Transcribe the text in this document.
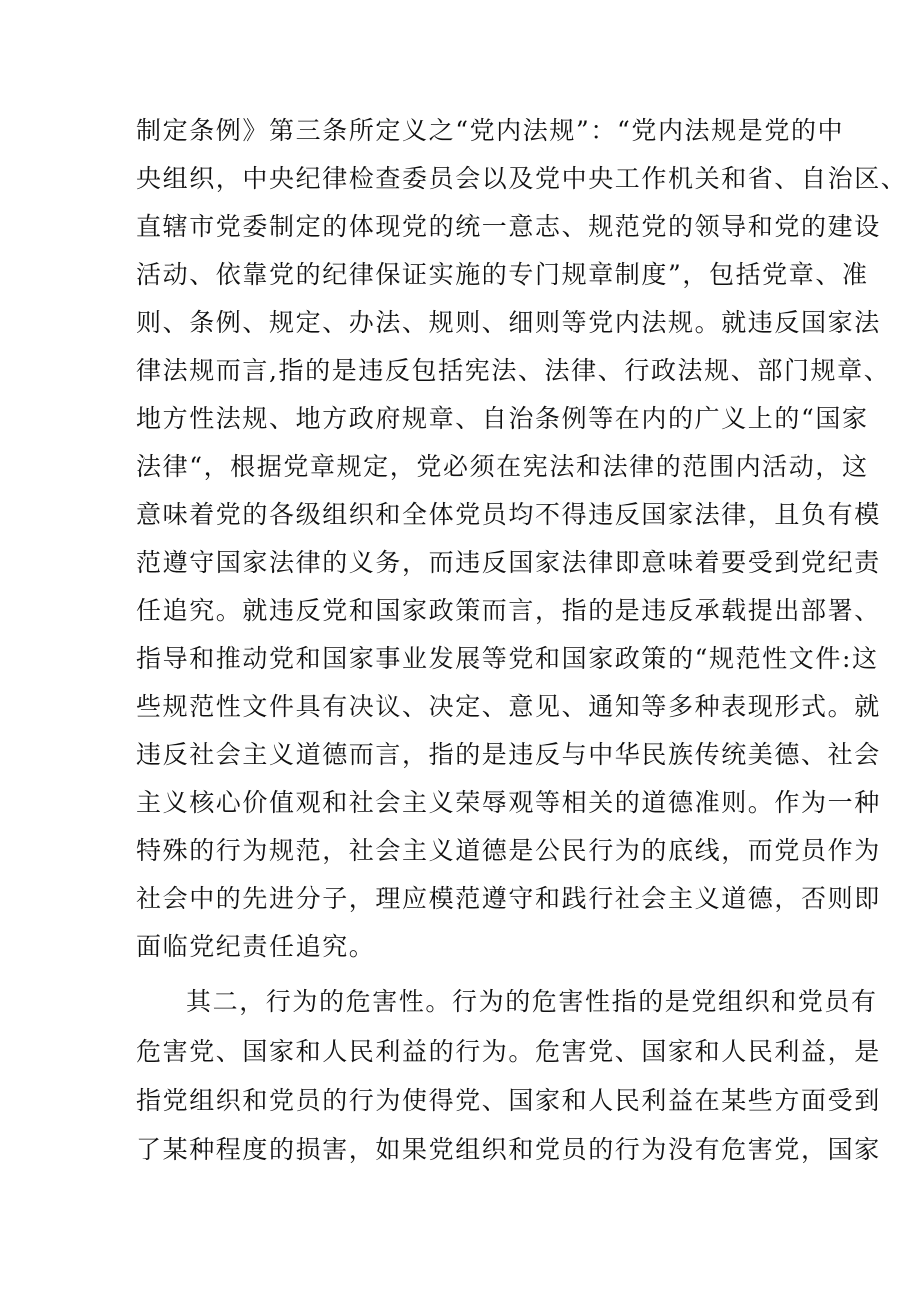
制定条例》第三条所定义之“党内法规”：“党内法规是党的中
央组织，中央纪律检查委员会以及党中央工作机关和省、自治区、
直辖市党委制定的体现党的统一意志、规范党的领导和党的建设
活动、依靠党的纪律保证实施的专门规章制度”，包括党章、准
则、条例、规定、办法、规则、细则等党内法规。就违反国家法
律法规而言,指的是违反包括宪法、法律、行政法规、部门规章、
地方性法规、地方政府规章、自治条例等在内的广义上的“国家
法律“，根据党章规定，党必须在宪法和法律的范围内活动，这
意味着党的各级组织和全体党员均不得违反国家法律，且负有模
范遵守国家法律的义务，而违反国家法律即意味着要受到党纪责
任追究。就违反党和国家政策而言，指的是违反承载提出部署、
指导和推动党和国家事业发展等党和国家政策的“规范性文件:这
些规范性文件具有决议、决定、意见、通知等多种表现形式。就
违反社会主义道德而言，指的是违反与中华民族传统美德、社会
主义核心价值观和社会主义荣辱观等相关的道德准则。作为一种
特殊的行为规范，社会主义道德是公民行为的底线，而党员作为
社会中的先进分子，理应模范遵守和践行社会主义道德，否则即
面临党纪责任追究。
其二，行为的危害性。行为的危害性指的是党组织和党员有
危害党、国家和人民利益的行为。危害党、国家和人民利益，是
指党组织和党员的行为使得党、国家和人民利益在某些方面受到
了某种程度的损害，如果党组织和党员的行为没有危害党，国家
